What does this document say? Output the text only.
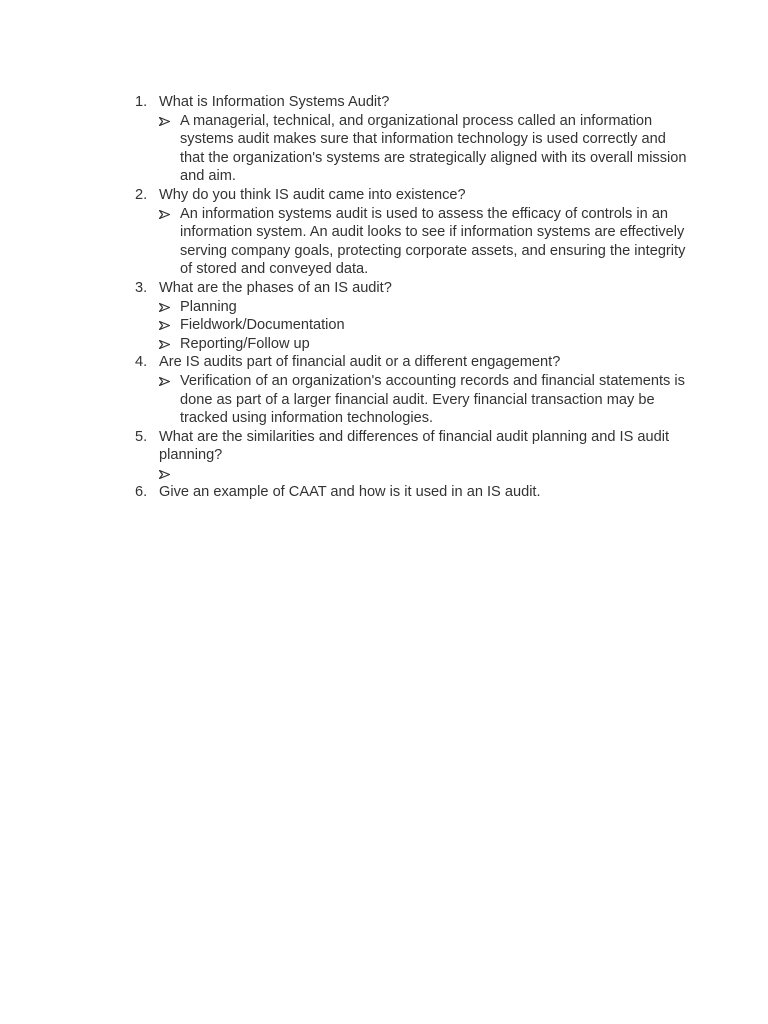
1. What is Information Systems Audit?
A managerial, technical, and organizational process called an information systems audit makes sure that information technology is used correctly and that the organization's systems are strategically aligned with its overall mission and aim.
2. Why do you think IS audit came into existence?
An information systems audit is used to assess the efficacy of controls in an information system. An audit looks to see if information systems are effectively serving company goals, protecting corporate assets, and ensuring the integrity of stored and conveyed data.
3. What are the phases of an IS audit?
Planning
Fieldwork/Documentation
Reporting/Follow up
4. Are IS audits part of financial audit or a different engagement?
Verification of an organization's accounting records and financial statements is done as part of a larger financial audit. Every financial transaction may be tracked using information technologies.
5. What are the similarities and differences of financial audit planning and IS audit planning?
6. Give an example of CAAT and how is it used in an IS audit.
